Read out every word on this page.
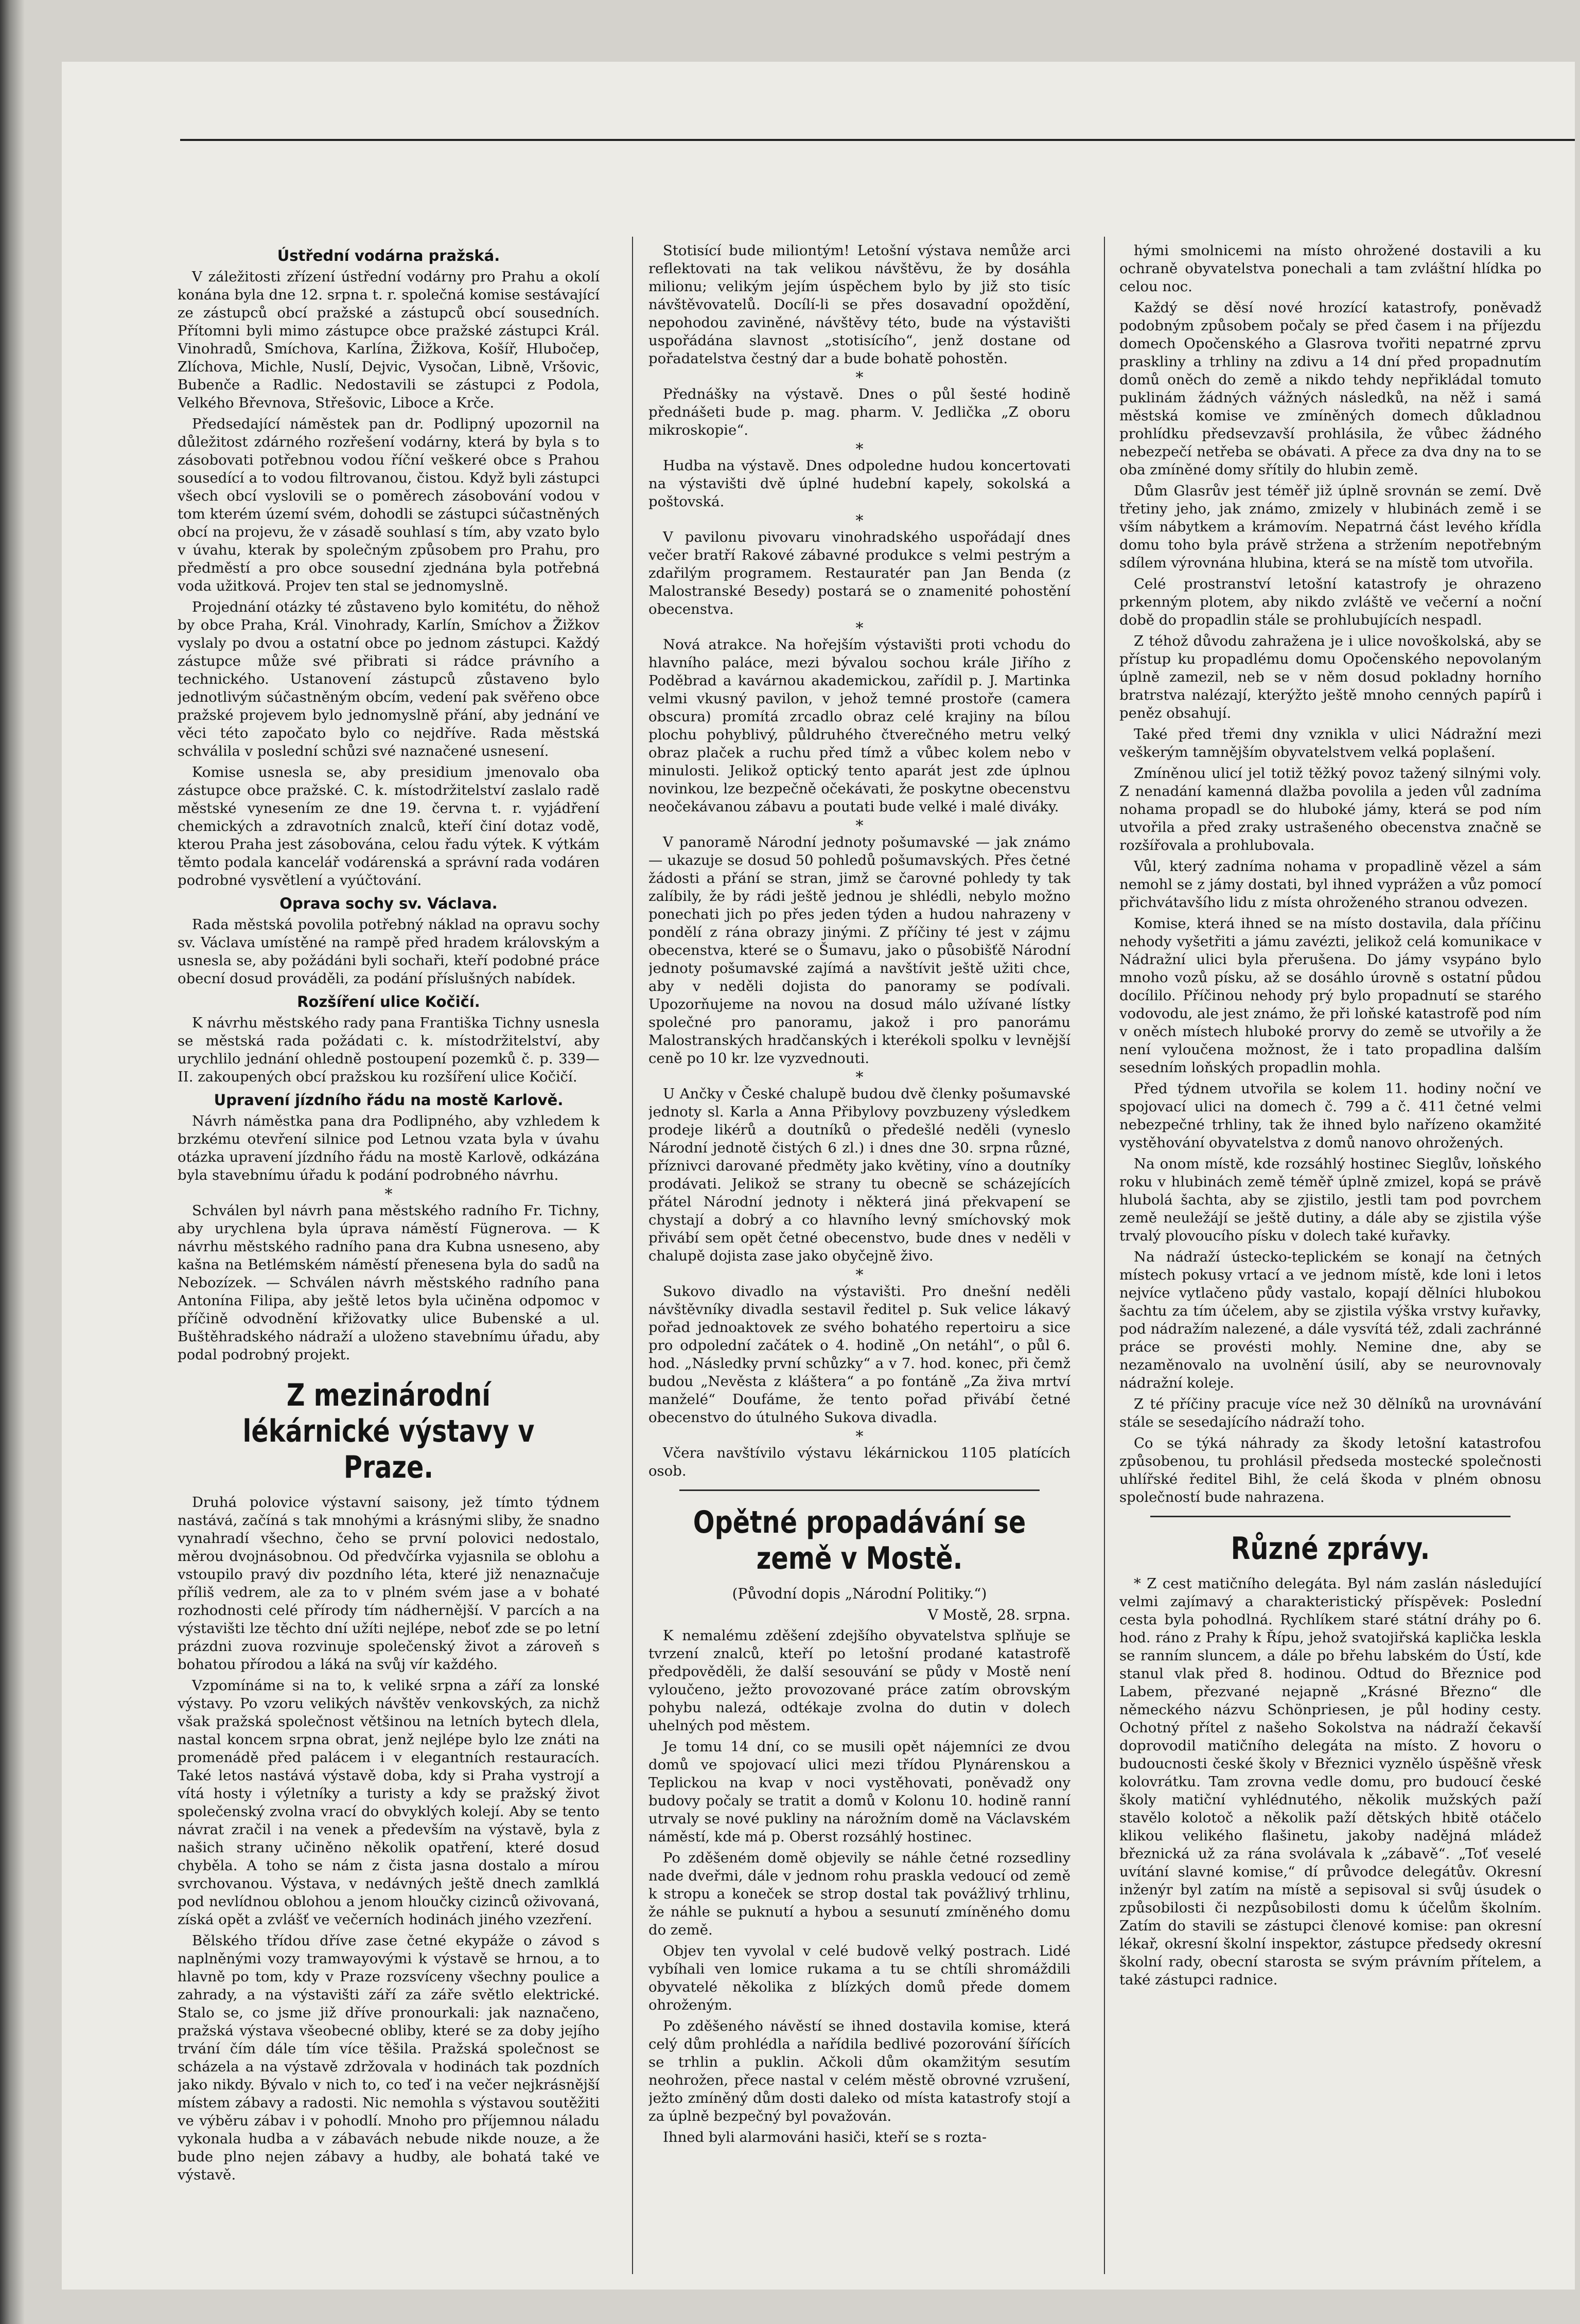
Ústřední vodárna pražská.

V záležitosti zřízení ústřední vodárny pro Prahu a okolí konána byla dne 12. srpna t. r. společná komise sestávající ze zástupců obcí pražské a zástupců obcí sousedních. Přítomni byli mimo zástupce obce pražské zástupci Král. Vinohradů, Smíchova, Karlína, Žižkova, Košíř, Hlubočep, Zlíchova, Michle, Nuslí, Dejvic, Vysočan, Libně, Vršovic, Bubenče a Radlic. Nedostavili se zástupci z Podola, Velkého Břevnova, Střešovic, Liboce a Krče.

Předsedající náměstek pan dr. Podlipný upozornil na důležitost zdárného rozřešení vodárny, která by byla s to zásobovati potřebnou vodou říční veškeré obce s Prahou sousedící a to vodou filtrovanou, čistou. Když byli zástupci všech obcí vyslovili se o poměrech zásobování vodou v tom kterém území svém, dohodli se zástupci súčastněných obcí na projevu, že v zásadě souhlasí s tím, aby vzato bylo v úvahu, kterak by společným způsobem pro Prahu, pro předměstí a pro obce sousední zjednána byla potřebná voda užitková. Projev ten stal se jednomyslně.

Projednání otázky té zůstaveno bylo komitétu, do něhož by obce Praha, Král. Vinohrady, Karlín, Smíchov a Žižkov vyslaly po dvou a ostatní obce po jednom zástupci. Každý zástupce může své přibrati si rádce právního a technického. Ustanovení zástupců zůstaveno bylo jednotlivým súčastněným obcím, vedení pak svěřeno obce pražské projevem bylo jednomyslně přání, aby jednání ve věci této započato bylo co nejdříve. Rada městská schválila v poslední schůzi své naznačené usnesení.

Komise usnesla se, aby presidium jmenovalo oba zástupce obce pražské. C. k. místodržitelství zaslalo radě městské vynesením ze dne 19. června t. r. vyjádření chemických a zdravotních znalců, kteří činí dotaz vodě, kterou Praha jest zásobována, celou řadu výtek. K výtkám těmto podala kancelář vodárenská a správní rada vodáren podrobné vysvětlení a vyúčtování.

Oprava sochy sv. Václava.

Rada městská povolila potřebný náklad na opravu sochy sv. Václava umístěné na rampě před hradem královským a usnesla se, aby požádáni byli sochaři, kteří podobné práce obecní dosud prováděli, za podání příslušných nabídek.

Rozšíření ulice Kočičí.

K návrhu městského rady pana Františka Tichny usnesla se městská rada požádati c. k. místodržitelství, aby urychlilo jednání ohledně postoupení pozemků č. p. 339—II. zakoupených obcí pražskou ku rozšíření ulice Kočičí.

Upravení jízdního řádu na mostě Karlově.

Návrh náměstka pana dra Podlipného, aby vzhledem k brzkému otevření silnice pod Letnou vzata byla v úvahu otázka upravení jízdního řádu na mostě Karlově, odkázána byla stavebnímu úřadu k podání podrobného návrhu.

*

Schválen byl návrh pana městského radního Fr. Tichny, aby urychlena byla úprava náměstí Fügnerova. — K návrhu městského radního pana dra Kubna usneseno, aby kašna na Betlémském náměstí přenesena byla do sadů na Nebozízek. — Schválen návrh městského radního pana Antonína Filipa, aby ještě letos byla učiněna odpomoc v příčině odvodnění křižovatky ulice Bubenské a ul. Buštěhradského nádraží a uloženo stavebnímu úřadu, aby podal podrobný projekt.

Z mezinárodní lékárnické výstavy v Praze.

Druhá polovice výstavní saisony, jež tímto týdnem nastává, začíná s tak mnohými a krásnými sliby, že snadno vynahradí všechno, čeho se první polovici nedostalo, měrou dvojnásobnou. Od předvčírka vyjasnila se oblohu a vstoupilo pravý div pozdního léta, které již nenaznačuje příliš vedrem, ale za to v plném svém jase a v bohaté rozhodnosti celé přírody tím nádhernější. V parcích a na výstavišti lze těchto dní užíti nejlépe, neboť zde se po letní prázdni zuova rozvinuje společenský život a zároveň s bohatou přírodou a láká na svůj vír každého.

Vzpomínáme si na to, k veliké srpna a září za lonské výstavy. Po vzoru velikých návštěv venkovských, za nichž však pražská společnost většinou na letních bytech dlela, nastal koncem srpna obrat, jenž nejlépe bylo lze znáti na promenádě před palácem i v elegantních restauracích. Také letos nastává výstavě doba, kdy si Praha vystrojí a vítá hosty i výletníky a turisty a kdy se pražský život společenský zvolna vrací do obvyklých kolejí. Aby se tento návrat zračil i na venek a především na výstavě, byla z našich strany učiněno několik opatření, které dosud chyběla. A toho se nám z čista jasna dostalo a mírou svrchovanou. Výstava, v nedávných ještě dnech zamlklá pod nevlídnou oblohou a jenom hloučky cizinců oživovaná, získá opět a zvlášť ve večerních hodinách jiného vzezření.

Bělského třídou dříve zase četné ekypáže o závod s naplněnými vozy tramwayovými k výstavě se hrnou, a to hlavně po tom, kdy v Praze rozsvíceny všechny poulice a zahrady, a na výstavišti září za záře světlo elektrické. Stalo se, co jsme již dříve pronourkali: jak naznačeno, pražská výstava všeobecné obliby, které se za doby jejího trvání čím dále tím více těšila. Pražská společnost se scházela a na výstavě zdržovala v hodinách tak pozdních jako nikdy. Bývalo v nich to, co teď i na večer nejkrásnější místem zábavy a radosti. Nic nemohla s výstavou soutěžiti ve výběru zábav i v pohodlí. Mnoho pro příjemnou náladu vykonala hudba a v zábavách nebude nikde nouze, a že bude plno nejen zábavy a hudby, ale bohatá také ve výstavě.

Stotisící bude miliontým! Letošní výstava nemůže arci reflektovati na tak velikou návštěvu, že by dosáhla milionu; velikým jejím úspěchem bylo by již sto tisíc návštěvovatelů. Docílí-li se přes dosavadní opoždění, nepohodou zaviněné, návštěvy této, bude na výstavišti uspořádána slavnost „stotisícího“, jenž dostane od pořadatelstva čestný dar a bude bohatě pohostěn.

*

Přednášky na výstavě. Dnes o půl šesté hodině přednášeti bude p. mag. pharm. V. Jedlička „Z oboru mikroskopie“.

*

Hudba na výstavě. Dnes odpoledne hudou koncertovati na výstavišti dvě úplné hudební kapely, sokolská a poštovská.

*

V pavilonu pivovaru vinohradského uspořádají dnes večer bratří Rakové zábavné produkce s velmi pestrým a zdařilým programem. Restauratér pan Jan Benda (z Malostranské Besedy) postará se o znamenité pohostění obecenstva.

*

Nová atrakce. Na hořejším výstavišti proti vchodu do hlavního paláce, mezi bývalou sochou krále Jiřího z Poděbrad a kavárnou akademickou, zařídil p. J. Martinka velmi vkusný pavilon, v jehož temné prostoře (camera obscura) promítá zrcadlo obraz celé krajiny na bílou plochu pohyblivý, půldruhého čtverečného metru velký obraz plaček a ruchu před tímž a vůbec kolem nebo v minulosti. Jelikož optický tento aparát jest zde úplnou novinkou, lze bezpečně očekávati, že poskytne obecenstvu neočekávanou zábavu a poutati bude velké i malé diváky.

*

V panoramě Národní jednoty pošumavské — jak známo — ukazuje se dosud 50 pohledů pošumavských. Přes četné žádosti a přání se stran, jimž se čarovné pohledy ty tak zalíbily, že by rádi ještě jednou je shlédli, nebylo možno ponechati jich po přes jeden týden a hudou nahrazeny v pondělí z rána obrazy jinými. Z příčiny té jest v zájmu obecenstva, které se o Šumavu, jako o působišťě Národní jednoty pošumavské zajímá a navštívit ještě užiti chce, aby v neděli dojista do panoramy se podívali. Upozorňujeme na novou na dosud málo užívané lístky společné pro panoramu, jakož i pro panorámu Malostranských hradčanských i kterékoli spolku v levnější ceně po 10 kr. lze vyzvednouti.

*

U Ančky v České chalupě budou dvě členky pošumavské jednoty sl. Karla a Anna Přibylovy povzbuzeny výsledkem prodeje likérů a doutníků o předešlé neděli (vyneslo Národní jednotě čistých 6 zl.) i dnes dne 30. srpna různé, příznivci darované předměty jako květiny, víno a doutníky prodávati. Jelikož se strany tu obecně se scházejících přátel Národní jednoty i některá jiná překvapení se chystají a dobrý a co hlavního levný smíchovský mok přivábí sem opět četné obecenstvo, bude dnes v neděli v chalupě dojista zase jako obyčejně živo.

*

Sukovo divadlo na výstavišti. Pro dnešní neděli návštěvníky divadla sestavil ředitel p. Suk velice lákavý pořad jednoaktovek ze svého bohatého repertoiru a sice pro odpolední začátek o 4. hodině „On netáhl“, o půl 6. hod. „Následky první schůzky“ a v 7. hod. konec, při čemž budou „Nevěsta z kláštera“ a po fontáně „Za živa mrtví manželé“ Doufáme, že tento pořad přivábí četné obecenstvo do útulného Sukova divadla.

*

Včera navštívilo výstavu lékárnickou 1105 platících osob.

Opětné propadávání se země v Mostě.
(Původní dopis „Národní Politiky.“)
V Mostě, 28. srpna.

K nemalému zděšení zdejšího obyvatelstva splňuje se tvrzení znalců, kteří po letošní prodané katastrofě předpověděli, že další sesouvání se půdy v Mostě není vyloučeno, ježto provozované práce zatím obrovským pohybu nalezá, odtékaje zvolna do dutin v dolech uhelných pod městem.

Je tomu 14 dní, co se musili opět nájemníci ze dvou domů ve spojovací ulici mezi třídou Plynárenskou a Teplickou na kvap v noci vystěhovati, poněvadž ony budovy počaly se tratit a domů v Kolonu 10. hodině ranní utrvaly se nové pukliny na nárožním domě na Václavském náměstí, kde má p. Oberst rozsáhlý hostinec.

Po zděšeném domě objevily se náhle četné rozsedliny nade dveřmi, dále v jednom rohu praskla vedoucí od země k stropu a koneček se strop dostal tak povážlivý trhlinu, že náhle se puknutí a hybou a sesunutí zmíněného domu do země.

Objev ten vyvolal v celé budově velký postrach. Lidé vybíhali ven lomice rukama a tu se chtíli shromáždili obyvatelé několika z blízkých domů přede domem ohroženým.

Po zděšeného návěstí se ihned dostavila komise, která celý dům prohlédla a nařídila bedlivé pozorování šířících se trhlin a puklin. Ačkoli dům okamžitým sesutím neohrožen, přece nastal v celém městě obrovné vzrušení, ježto zmíněný dům dosti daleko od místa katastrofy stojí a za úplně bezpečný byl považován.

Ihned byli alarmováni hasiči, kteří se s rozta-

hými smolnicemi na místo ohrožené dostavili a ku ochraně obyvatelstva ponechali a tam zvláštní hlídka po celou noc.

Každý se děsí nové hrozící katastrofy, poněvadž podobným způsobem počaly se před časem i na příjezdu domech Opočenského a Glasrova tvořiti nepatrné zprvu praskliny a trhliny na zdivu a 14 dní před propadnutím domů oněch do země a nikdo tehdy nepřikládal tomuto puklinám žádných vážných následků, na něž i samá městská komise ve zmíněných domech důkladnou prohlídku předsevzavší prohlásila, že vůbec žádného nebezpečí netřeba se obávati. A přece za dva dny na to se oba zmíněné domy sřítily do hlubin země.

Dům Glasrův jest téměř již úplně srovnán se zemí. Dvě třetiny jeho, jak známo, zmizely v hlubinách země i se vším nábytkem a krámovím. Nepatrná část levého křídla domu toho byla právě stržena a stržením nepotřebným sdílem výrovnána hlubina, která se na místě tom utvořila.

Celé prostranství letošní katastrofy je ohrazeno prkenným plotem, aby nikdo zvláště ve večerní a noční době do propadlin stále se prohlubujících nespadl.

Z téhož důvodu zahražena je i ulice novoškolská, aby se přístup ku propadlému domu Opočenského nepovolaným úplně zamezil, neb se v něm dosud pokladny horního bratrstva nalézají, kterýžto ještě mnoho cenných papírů i peněz obsahují.

Také před třemi dny vznikla v ulici Nádražní mezi veškerým tamnějším obyvatelstvem velká poplašení.

Zmíněnou ulicí jel totiž těžký povoz tažený silnými voly. Z nenadání kamenná dlažba povolila a jeden vůl zadníma nohama propadl se do hluboké jámy, která se pod ním utvořila a před zraky ustrašeného obecenstva značně se rozšířovala a prohlubovala.

Vůl, který zadníma nohama v propadlině vězel a sám nemohl se z jámy dostati, byl ihned vyprážen a vůz pomocí přichvátavšího lidu z místa ohroženého stranou odvezen.

Komise, která ihned se na místo dostavila, dala příčinu nehody vyšetřiti a jámu zavézti, jelikož celá komunikace v Nádražní ulici byla přerušena. Do jámy vsypáno bylo mnoho vozů písku, až se dosáhlo úrovně s ostatní půdou docílilo. Příčinou nehody prý bylo propadnutí se starého vodovodu, ale jest známo, že při loňské katastrofě pod ním v oněch místech hluboké prorvy do země se utvořily a že není vyloučena možnost, že i tato propadlina dalším sesedním loňských propadlin mohla.

Před týdnem utvořila se kolem 11. hodiny noční ve spojovací ulici na domech č. 799 a č. 411 četné velmi nebezpečné trhliny, tak že ihned bylo nařízeno okamžité vystěhování obyvatelstva z domů nanovo ohrožených.

Na onom místě, kde rozsáhlý hostinec Sieglův, loňského roku v hlubinách země téměř úplně zmizel, kopá se právě hlubolá šachta, aby se zjistilo, jestli tam pod povrchem země neuležájí se ještě dutiny, a dále aby se zjistila výše trvalý plovoucího písku v dolech také kuřavky.

Na nádraží ústecko-teplickém se konají na četných místech pokusy vrtací a ve jednom místě, kde loni i letos nejvíce vytlačeno půdy vastalo, kopají dělníci hlubokou šachtu za tím účelem, aby se zjistila výška vrstvy kuřavky, pod nádražím nalezené, a dále vysvítá též, zdali zachránné práce se provésti mohly. Nemine dne, aby se nezaměnovalo na uvolnění úsilí, aby se neurovnovaly nádražní koleje.

Z té příčiny pracuje více než 30 dělníků na urovnávání stále se sesedajícího nádraží toho.

Co se týká náhrady za škody letošní katastrofou způsobenou, tu prohlásil předseda mostecké společnosti uhlířské ředitel Bihl, že celá škoda v plném obnosu společností bude nahrazena.

Různé zprávy.

* Z cest matičního delegáta. Byl nám zaslán následující velmi zajímavý a charakteristický příspěvek: Poslední cesta byla pohodlná. Rychlíkem staré státní dráhy po 6. hod. ráno z Prahy k Řípu, jehož svatojiřská kaplička leskla se ranním sluncem, a dále po břehu labském do Ústí, kde stanul vlak před 8. hodinou. Odtud do Březnice pod Labem, přezvané nejapně „Krásné Březno“ dle německého názvu Schönpriesen, je půl hodiny cesty. Ochotný přítel z našeho Sokolstva na nádraží čekavší doprovodil matičního delegáta na místo. Z hovoru o budoucnosti české školy v Březnici vyznělo úspěšně vřesk kolovrátku. Tam zrovna vedle domu, pro budoucí české školy matiční vyhlédnutého, několik mužských paží stavělo kolotoč a několik paží dětských hbitě otáčelo klikou velikého flašinetu, jakoby nadějná mládež březnická už za rána svolávala k „zábavě“. „Toť veselé uvítání slavné komise,“ dí průvodce delegátův. Okresní inženýr byl zatím na místě a sepisoval si svůj úsudek o způsobilosti či nezpůsobilosti domu k účelům školním. Zatím do stavili se zástupci členové komise: pan okresní lékař, okresní školní inspektor, zástupce předsedy okresní školní rady, obecní starosta se svým právním přítelem, a také zástupci radnice.
